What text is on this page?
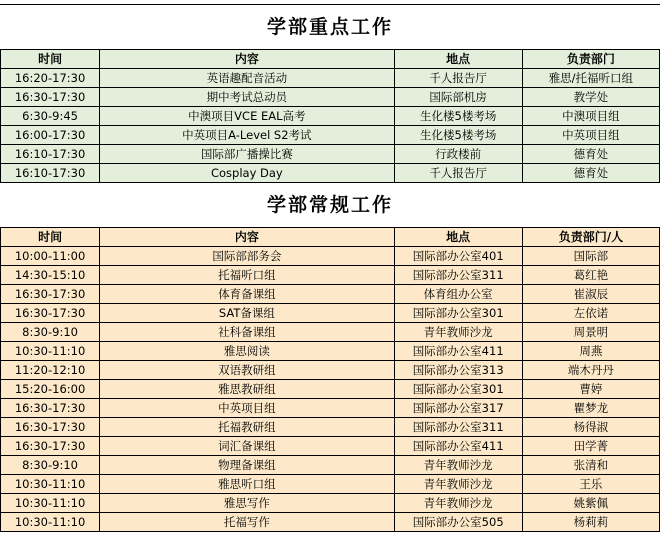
学部重点工作
时间	内容	地点	负责部门
16:20-17:30	英语趣配音活动	千人报告厅	雅思/托福听口组
16:30-17:30	期中考试总动员	国际部机房	教学处
6:30-9:45	中澳项目VCE EAL高考	生化楼5楼考场	中澳项目组
16:00-17:30	中英项目A-Level S2考试	生化楼5楼考场	中英项目组
16:10-17:30	国际部广播操比赛	行政楼前	德育处
16:10-17:30	Cosplay Day	千人报告厅	德育处
学部常规工作
时间	内容	地点	负责部门/人
10:00-11:00	国际部部务会	国际部办公室401	国际部
14:30-15:10	托福听口组	国际部办公室311	葛红艳
16:30-17:30	体育备课组	体育组办公室	崔淑辰
16:30-17:30	SAT备课组	国际部办公室301	左依诺
8:30-9:10	社科备课组	青年教师沙龙	周景明
10:30-11:10	雅思阅读	国际部办公室411	周燕
11:20-12:10	双语教研组	国际部办公室313	端木丹丹
15:20-16:00	雅思教研组	国际部办公室301	曹婷
16:30-17:30	中英项目组	国际部办公室317	瞿梦龙
16:30-17:30	托福教研组	国际部办公室311	杨得淑
16:30-17:30	词汇备课组	国际部办公室411	田学菁
8:30-9:10	物理备课组	青年教师沙龙	张清和
10:30-11:10	雅思听口组	青年教师沙龙	王乐
10:30-11:10	雅思写作	青年教师沙龙	姚紫佩
10:30-11:10	托福写作	国际部办公室505	杨莉莉
